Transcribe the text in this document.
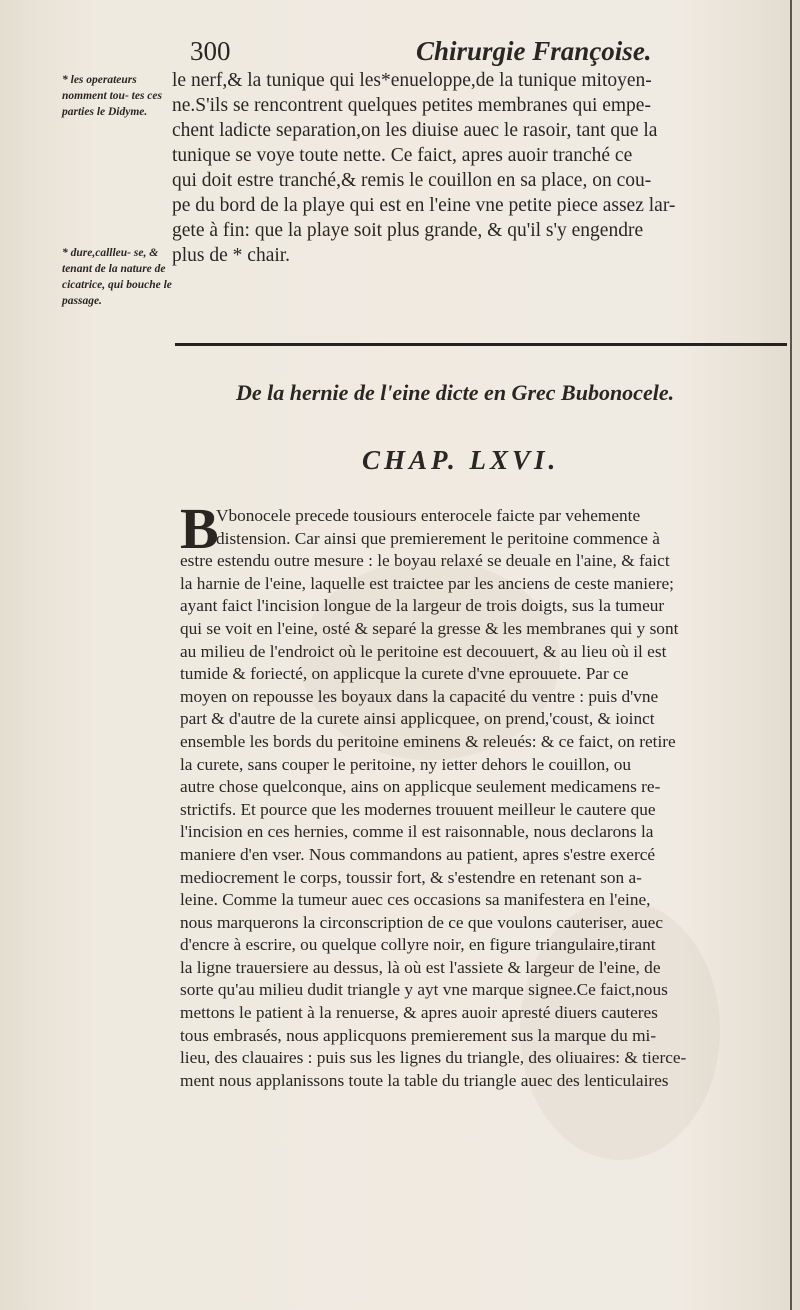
300	Chirurgie Françoise.
* les operateurs nomment tou- tes ces parties le Didyme.
* dure,callleu- se, & tenant de la nature de cicatrice, qui bouche le passage.
le nerf,& la tunique qui les*enueloppe,de la tunique mitoyen-
ne.S'ils se rencontrent quelques petites membranes qui empe-
chent ladicte separation,on les diuise auec le rasoir, tant que la
tunique se voye toute nette. Ce faict, apres auoir tranché ce
qui doit estre tranché,& remis le couillon en sa place, on cou-
pe du bord de la playe qui est en l'eine vne petite piece assez lar-
gete à fin: que la playe soit plus grande, & qu'il s'y engendre
plus de * chair.
De la hernie de l'eine dicte en Grec Bubonocele.
CHAP. LXVI.
B
Vbonocele precede tousiours enterocele faicte par vehemente
distension. Car ainsi que premierement le peritoine commence à
estre estendu outre mesure : le boyau relaxé se deuale en l'aine, & faict
la harnie de l'eine, laquelle est traictee par les anciens de ceste maniere;
ayant faict l'incision longue de la largeur de trois doigts, sus la tumeur
qui se voit en l'eine, osté & separé la gresse & les membranes qui y sont
au milieu de l'endroict où le peritoine est decouuert, & au lieu où il est
tumide & foriecté, on applicque la curete d'vne eprouuete. Par ce
moyen on repousse les boyaux dans la capacité du ventre : puis d'vne
part & d'autre de la curete ainsi applicquee, on prend,'coust, & ioinct
ensemble les bords du peritoine eminens & releués: & ce faict, on retire
la curete, sans couper le peritoine, ny ietter dehors le couillon, ou
autre chose quelconque, ains on applicque seulement medicamens re-
strictifs. Et pource que les modernes trouuent meilleur le cautere que
l'incision en ces hernies, comme il est raisonnable, nous declarons la
maniere d'en vser. Nous commandons au patient, apres s'estre exercé
mediocrement le corps, toussir fort, & s'estendre en retenant son a-
leine. Comme la tumeur auec ces occasions sa manifestera en l'eine,
nous marquerons la circonscription de ce que voulons cauteriser, auec
d'encre à escrire, ou quelque collyre noir, en figure triangulaire,tirant
la ligne trauersiere au dessus, là où est l'assiete & largeur de l'eine, de
sorte qu'au milieu dudit triangle y ayt vne marque signee.Ce faict,nous
mettons le patient à la renuerse, & apres auoir apresté diuers cauteres
tous embrasés, nous applicquons premierement sus la marque du mi-
lieu, des clauaires : puis sus les lignes du triangle, des oliuaires: & tierce-
ment nous applanissons toute la table du triangle auec des lenticulaires
